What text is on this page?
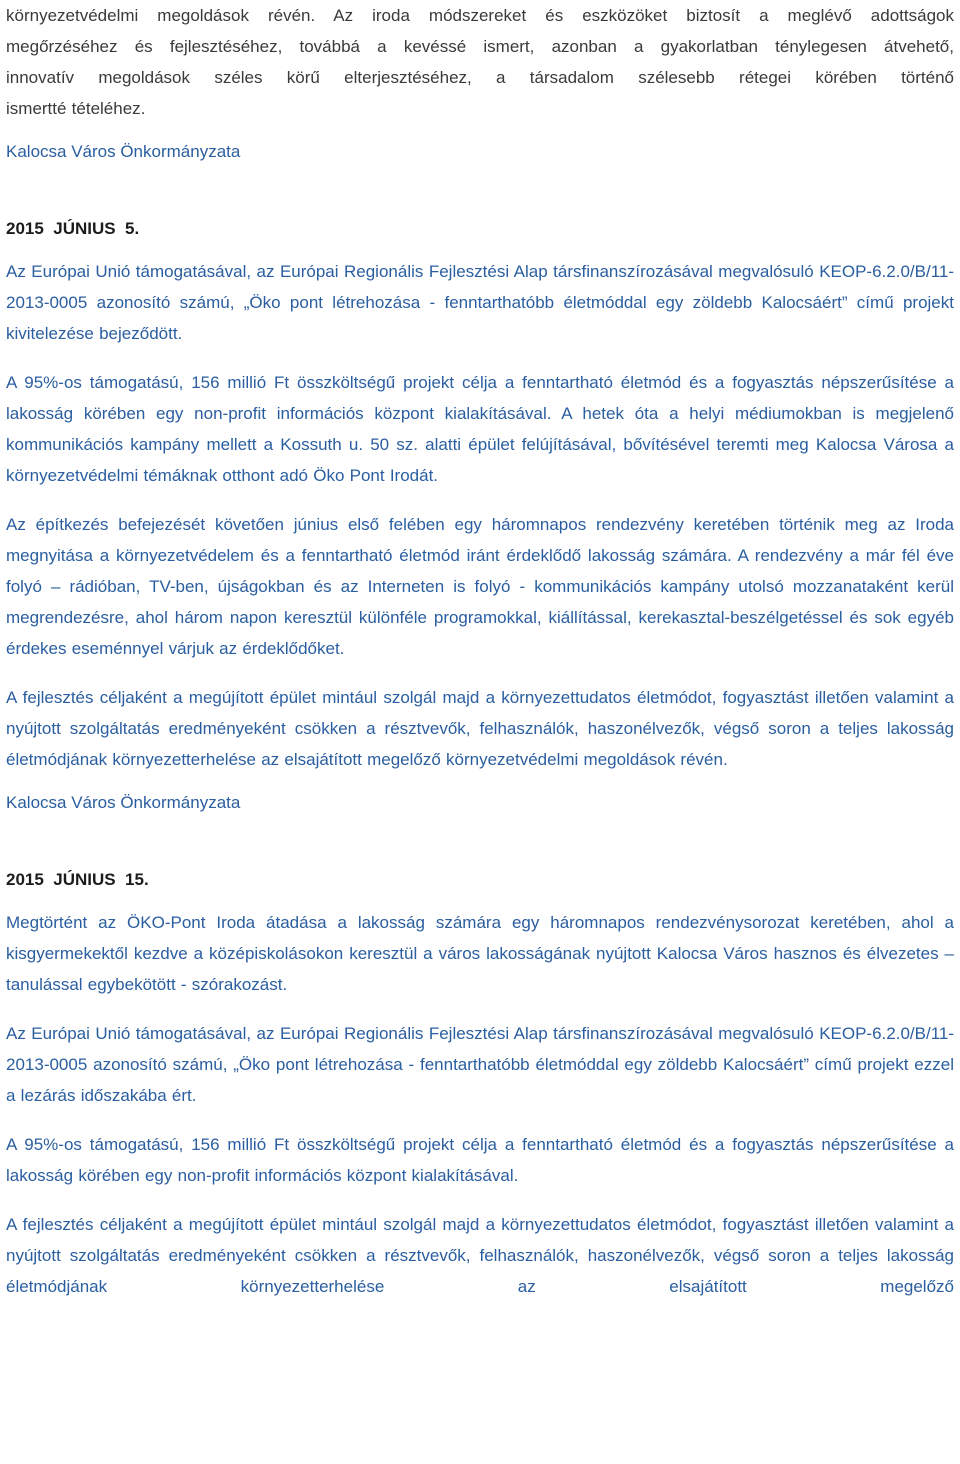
környezetvédelmi megoldások révén. Az iroda módszereket és eszközöket biztosít a meglévő adottságok

megőrzéséhez és fejlesztéséhez, továbbá a kevéssé ismert, azonban a gyakorlatban ténylegesen átvehető,

innovatív megoldások széles körű elterjesztéséhez, a társadalom szélesebb rétegei körében történő

ismertté tételéhez.

Kalocsa Város Önkormányzata

2015  JÚNIUS  5.

Az Európai Unió támogatásával, az Európai Regionális Fejlesztési Alap társfinanszírozásával megvalósuló KEOP-6.2.0/B/11-2013-0005 azonosító számú, „Öko pont létrehozása - fenntarthatóbb életmóddal egy zöldebb Kalocsáért” című projekt kivitelezése bejeződött.

A 95%-os támogatású, 156 millió Ft összköltségű projekt célja a fenntartható életmód és a fogyasztás népszerűsítése a lakosság körében egy non-profit információs központ kialakításával. A hetek óta a helyi médiumokban is megjelenő kommunikációs kampány mellett a Kossuth u. 50 sz. alatti épület felújításával, bővítésével teremti meg Kalocsa Városa a környezetvédelmi témáknak otthont adó Öko Pont Irodát.

Az építkezés befejezését követően június első felében egy háromnapos rendezvény keretében történik meg az Iroda megnyitása a környezetvédelem és a fenntartható életmód iránt érdeklődő lakosság számára. A rendezvény a már fél éve folyó – rádióban, TV-ben, újságokban és az Interneten is folyó - kommunikációs kampány utolsó mozzanataként kerül megrendezésre, ahol három napon keresztül különféle programokkal, kiállítással, kerekasztal-beszélgetéssel és sok egyéb érdekes eseménnyel várjuk az érdeklődőket.

A fejlesztés céljaként a megújított épület mintául szolgál majd a környezettudatos életmódot, fogyasztást illetően valamint a nyújtott szolgáltatás eredményeként csökken a résztvevők, felhasználók, haszonélvezők, végső soron a teljes lakosság életmódjának környezetterhelése az elsajátított megelőző környezetvédelmi megoldások révén.

Kalocsa Város Önkormányzata

2015  JÚNIUS  15.

Megtörtént az ÖKO-Pont Iroda átadása a lakosság számára egy háromnapos rendezvénysorozat keretében, ahol a kisgyermekektől kezdve a középiskolásokon keresztül a város lakosságának nyújtott Kalocsa Város hasznos és élvezetes – tanulással egybekötött - szórakozást.

Az Európai Unió támogatásával, az Európai Regionális Fejlesztési Alap társfinanszírozásával megvalósuló KEOP-6.2.0/B/11-2013-0005 azonosító számú, „Öko pont létrehozása - fenntarthatóbb életmóddal egy zöldebb Kalocsáért” című projekt ezzel a lezárás időszakába ért.

A 95%-os támogatású, 156 millió Ft összköltségű projekt célja a fenntartható életmód és a fogyasztás népszerűsítése a lakosság körében egy non-profit információs központ kialakításával.

A fejlesztés céljaként a megújított épület mintául szolgál majd a környezettudatos életmódot, fogyasztást illetően valamint a nyújtott szolgáltatás eredményeként csökken a résztvevők, felhasználók, haszonélvezők, végső soron a teljes lakosság életmódjának környezetterhelése az elsajátított megelőző
